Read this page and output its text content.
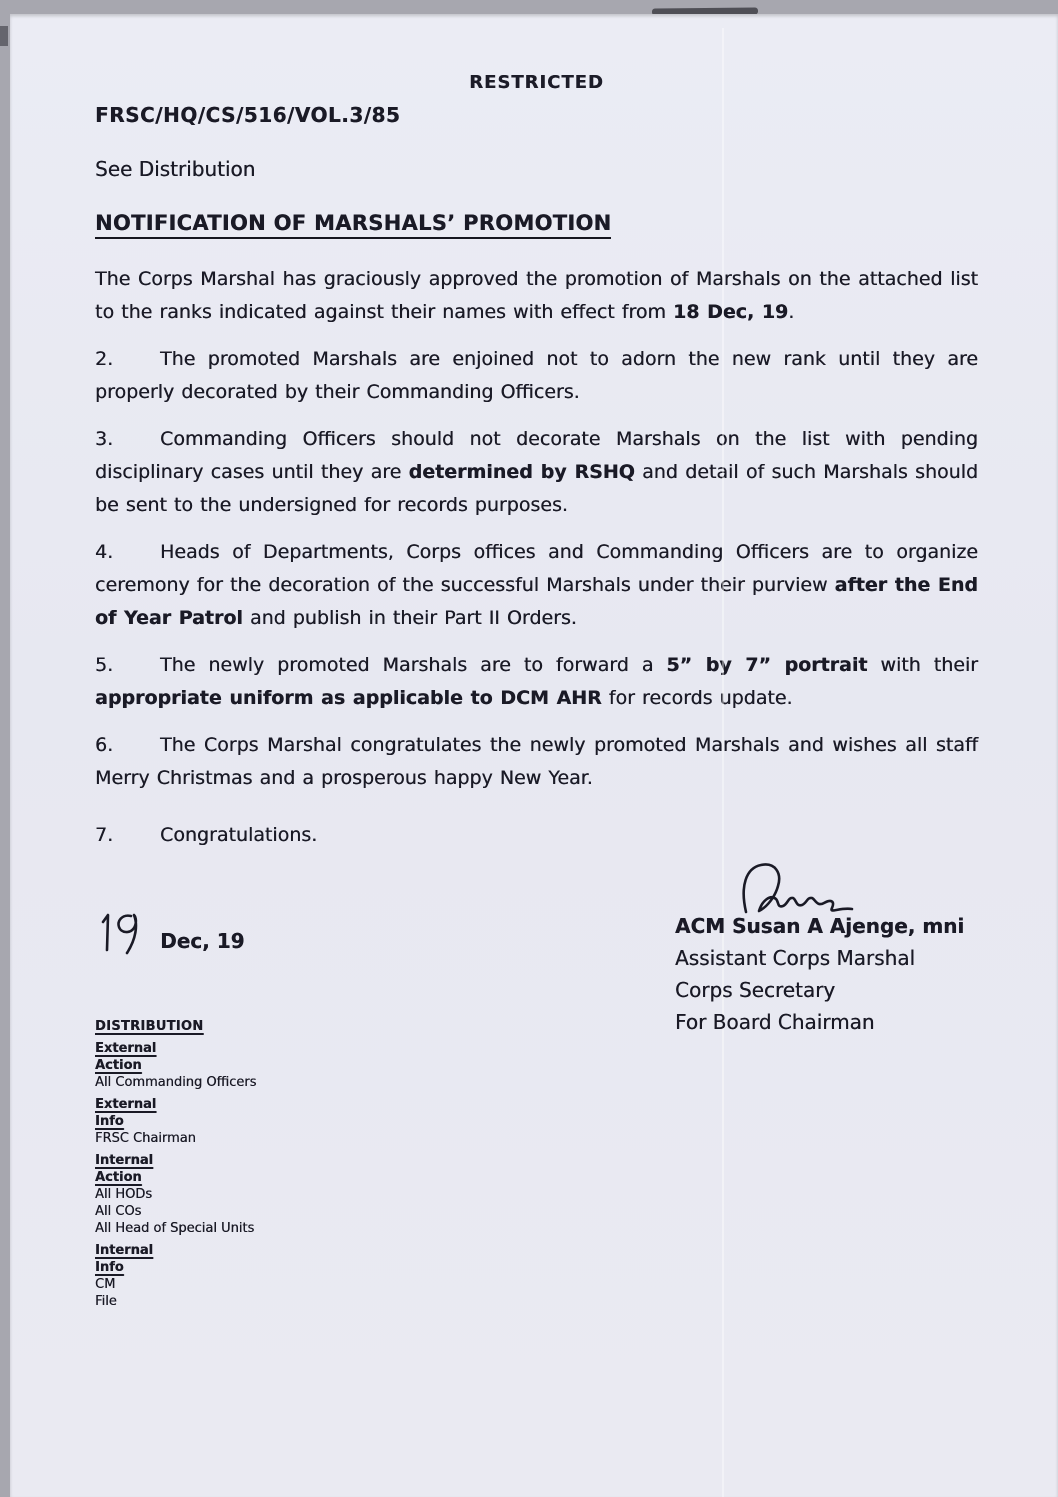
RESTRICTED
FRSC/HQ/CS/516/VOL.3/85
See Distribution
NOTIFICATION OF MARSHALS’ PROMOTION
The Corps Marshal has graciously approved the promotion of Marshals on the attached list to the ranks indicated against their names with effect from 18 Dec, 19.
2. The promoted Marshals are enjoined not to adorn the new rank until they are properly decorated by their Commanding Officers.
3. Commanding Officers should not decorate Marshals on the list with pending disciplinary cases until they are determined by RSHQ and detail of such Marshals should be sent to the undersigned for records purposes.
4. Heads of Departments, Corps offices and Commanding Officers are to organize ceremony for the decoration of the successful Marshals under their purview after the End of Year Patrol and publish in their Part II Orders.
5. The newly promoted Marshals are to forward a 5” by 7” portrait with their appropriate uniform as applicable to DCM AHR for records update.
6. The Corps Marshal congratulates the newly promoted Marshals and wishes all staff Merry Christmas and a prosperous happy New Year.
7. Congratulations.
Dec, 19
ACM Susan A Ajenge, mni
Assistant Corps Marshal
Corps Secretary
For Board Chairman
DISTRIBUTION
External
Action
All Commanding Officers
External
Info
FRSC Chairman
Internal
Action
All HODs
All COs
All Head of Special Units
Internal
Info
CM
File
